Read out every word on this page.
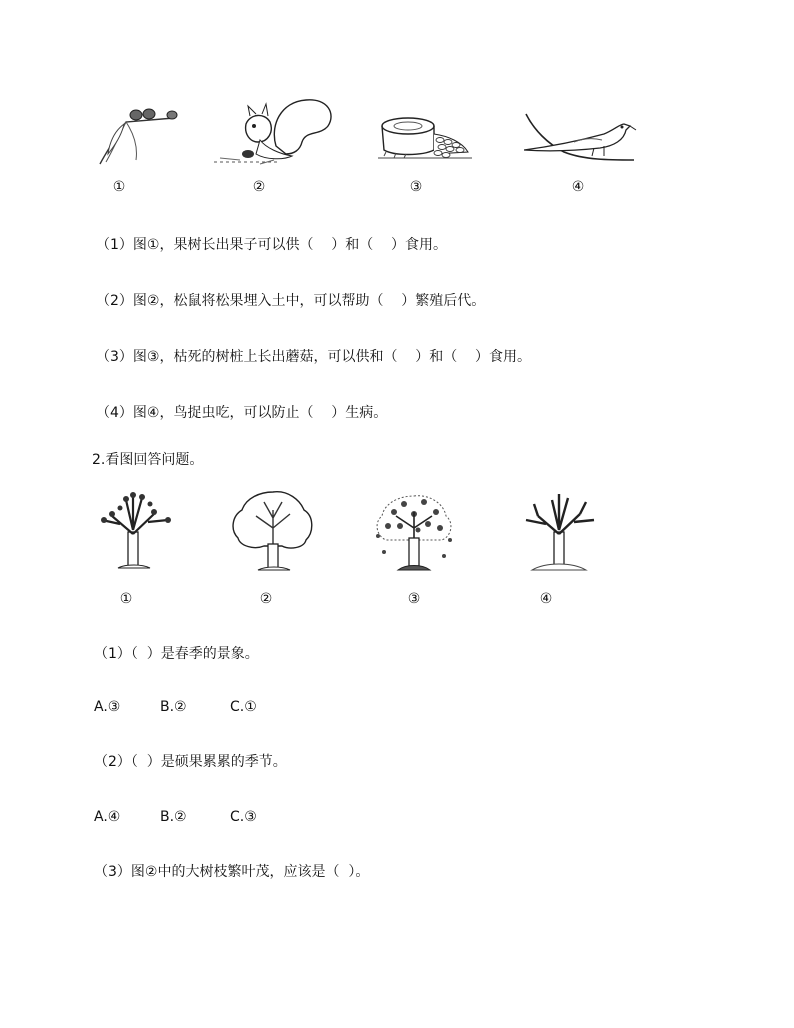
①	②	③	④
（1）图①，果树长出果子可以供（    ）和（    ）食用。
（2）图②，松鼠将松果埋入土中，可以帮助（    ）繁殖后代。
（3）图③，枯死的树桩上长出蘑菇，可以供和（    ）和（    ）食用。
（4）图④，鸟捉虫吃，可以防止（    ）生病。
2.看图回答问题。
①	②	③	④
（1）（  ）是春季的景象。
A.③	B.②	C.①
（2）（  ）是硕果累累的季节。
A.④	B.②	C.③
（3）图②中的大树枝繁叶茂，应该是（  ）。
